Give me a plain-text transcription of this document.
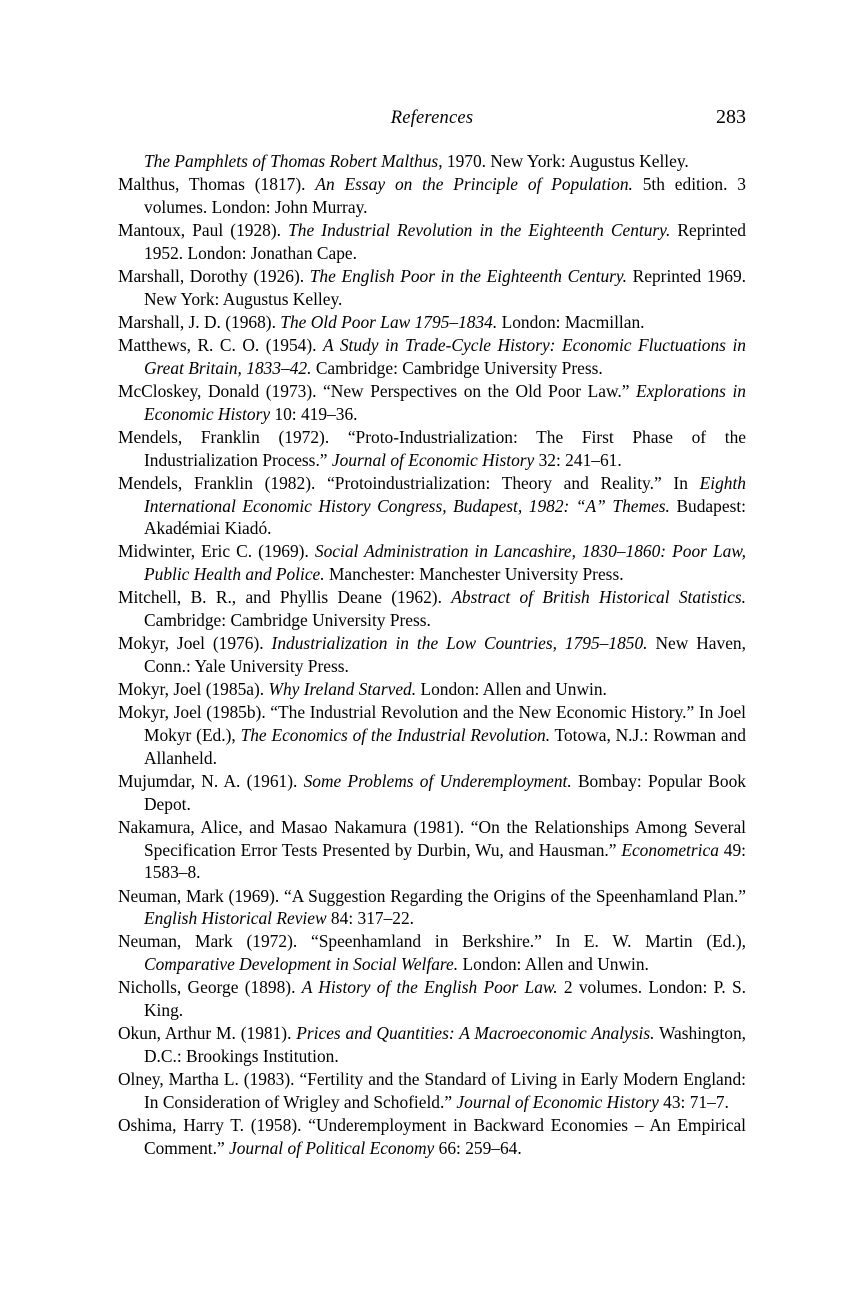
References	283
The Pamphlets of Thomas Robert Malthus, 1970. New York: Augustus Kelley.
Malthus, Thomas (1817). An Essay on the Principle of Population. 5th edition. 3 volumes. London: John Murray.
Mantoux, Paul (1928). The Industrial Revolution in the Eighteenth Century. Reprinted 1952. London: Jonathan Cape.
Marshall, Dorothy (1926). The English Poor in the Eighteenth Century. Reprinted 1969. New York: Augustus Kelley.
Marshall, J. D. (1968). The Old Poor Law 1795–1834. London: Macmillan.
Matthews, R. C. O. (1954). A Study in Trade-Cycle History: Economic Fluctuations in Great Britain, 1833–42. Cambridge: Cambridge University Press.
McCloskey, Donald (1973). “New Perspectives on the Old Poor Law.” Explorations in Economic History 10: 419–36.
Mendels, Franklin (1972). “Proto-Industrialization: The First Phase of the Industrialization Process.” Journal of Economic History 32: 241–61.
Mendels, Franklin (1982). “Protoindustrialization: Theory and Reality.” In Eighth International Economic History Congress, Budapest, 1982: “A” Themes. Budapest: Akadémiai Kiadó.
Midwinter, Eric C. (1969). Social Administration in Lancashire, 1830–1860: Poor Law, Public Health and Police. Manchester: Manchester University Press.
Mitchell, B. R., and Phyllis Deane (1962). Abstract of British Historical Statistics. Cambridge: Cambridge University Press.
Mokyr, Joel (1976). Industrialization in the Low Countries, 1795–1850. New Haven, Conn.: Yale University Press.
Mokyr, Joel (1985a). Why Ireland Starved. London: Allen and Unwin.
Mokyr, Joel (1985b). “The Industrial Revolution and the New Economic History.” In Joel Mokyr (Ed.), The Economics of the Industrial Revolution. Totowa, N.J.: Rowman and Allanheld.
Mujumdar, N. A. (1961). Some Problems of Underemployment. Bombay: Popular Book Depot.
Nakamura, Alice, and Masao Nakamura (1981). “On the Relationships Among Several Specification Error Tests Presented by Durbin, Wu, and Hausman.” Econometrica 49: 1583–8.
Neuman, Mark (1969). “A Suggestion Regarding the Origins of the Speenhamland Plan.” English Historical Review 84: 317–22.
Neuman, Mark (1972). “Speenhamland in Berkshire.” In E. W. Martin (Ed.), Comparative Development in Social Welfare. London: Allen and Unwin.
Nicholls, George (1898). A History of the English Poor Law. 2 volumes. London: P. S. King.
Okun, Arthur M. (1981). Prices and Quantities: A Macroeconomic Analysis. Washington, D.C.: Brookings Institution.
Olney, Martha L. (1983). “Fertility and the Standard of Living in Early Modern England: In Consideration of Wrigley and Schofield.” Journal of Economic History 43: 71–7.
Oshima, Harry T. (1958). “Underemployment in Backward Economies – An Empirical Comment.” Journal of Political Economy 66: 259–64.
